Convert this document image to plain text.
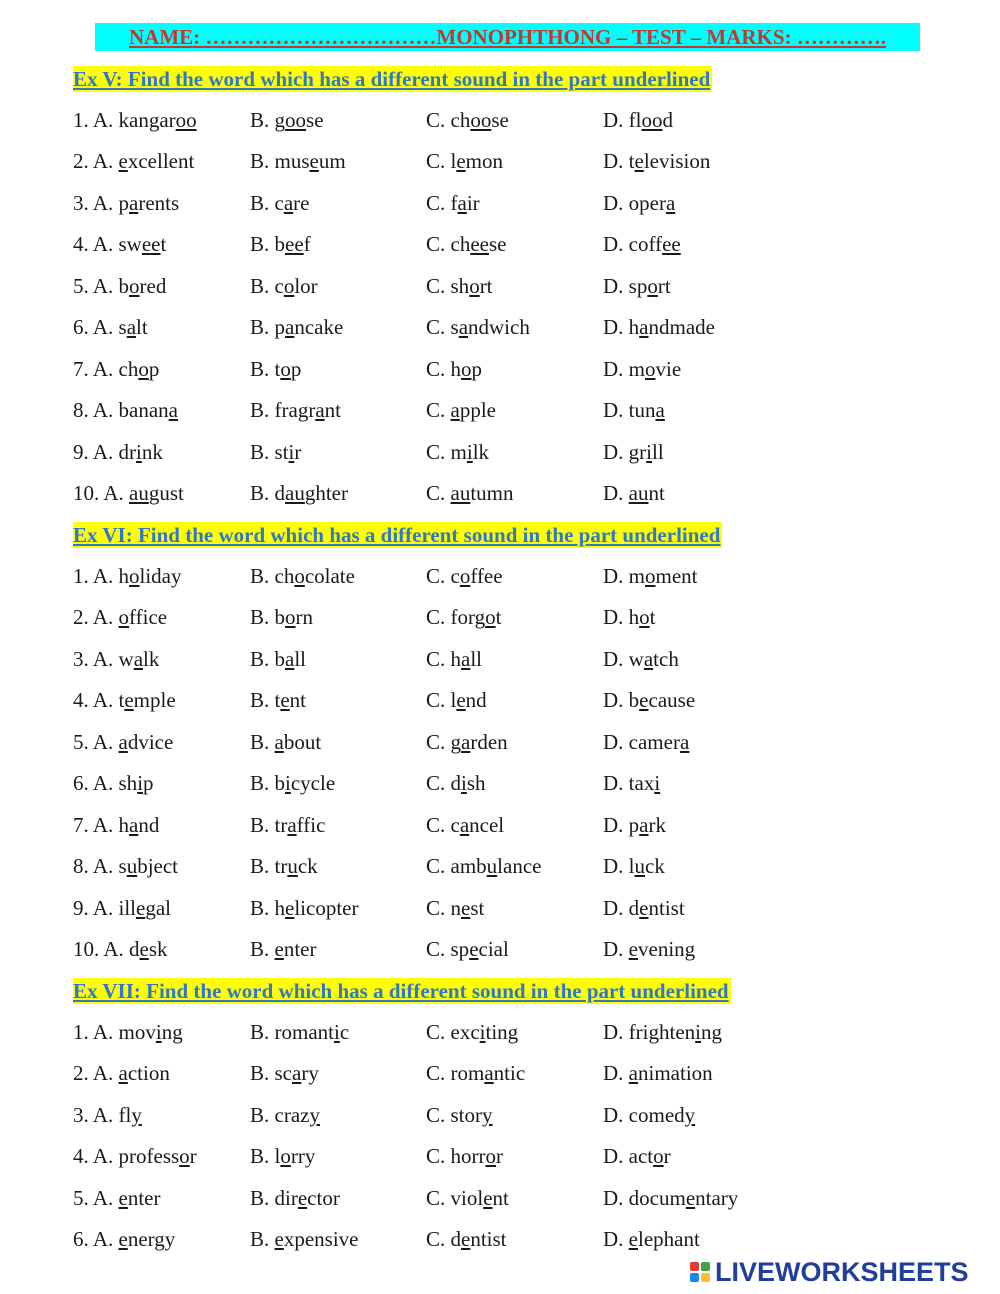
NAME: ……………………………MONOPHTHONG – TEST – MARKS: ………….
Ex V: Find the word which has a different sound in the part underlined
1. A. kangaroo	B. goose	C. choose	D. flood
2. A. excellent	B. museum	C. lemon	D. television
3. A. parents	B. care	C. fair	D. opera
4. A. sweet	B. beef	C. cheese	D. coffee
5. A. bored	B. color	C. short	D. sport
6. A. salt	B. pancake	C. sandwich	D. handmade
7. A. chop	B. top	C. hop	D. movie
8. A. banana	B. fragrant	C. apple	D. tuna
9. A. drink	B. stir	C. milk	D. grill
10. A. august	B. daughter	C. autumn	D. aunt
Ex VI: Find the word which has a different sound in the part underlined
1. A. holiday	B. chocolate	C. coffee	D. moment
2. A. office	B. born	C. forgot	D. hot
3. A. walk	B. ball	C. hall	D. watch
4. A. temple	B. tent	C. lend	D. because
5. A. advice	B. about	C. garden	D. camera
6. A. ship	B. bicycle	C. dish	D. taxi
7. A. hand	B. traffic	C. cancel	D. park
8. A. subject	B. truck	C. ambulance	D. luck
9. A. illegal	B. helicopter	C. nest	D. dentist
10. A. desk	B. enter	C. special	D. evening
Ex VII: Find the word which has a different sound in the part underlined
1. A. moving	B. romantic	C. exciting	D. frightening
2. A. action	B. scary	C. romantic	D. animation
3. A. fly	B. crazy	C. story	D. comedy
4. A. professor	B. lorry	C. horror	D. actor
5. A. enter	B. director	C. violent	D. documentary
6. A. energy	B. expensive	C. dentist	D. elephant
LIVEWORKSHEETS
